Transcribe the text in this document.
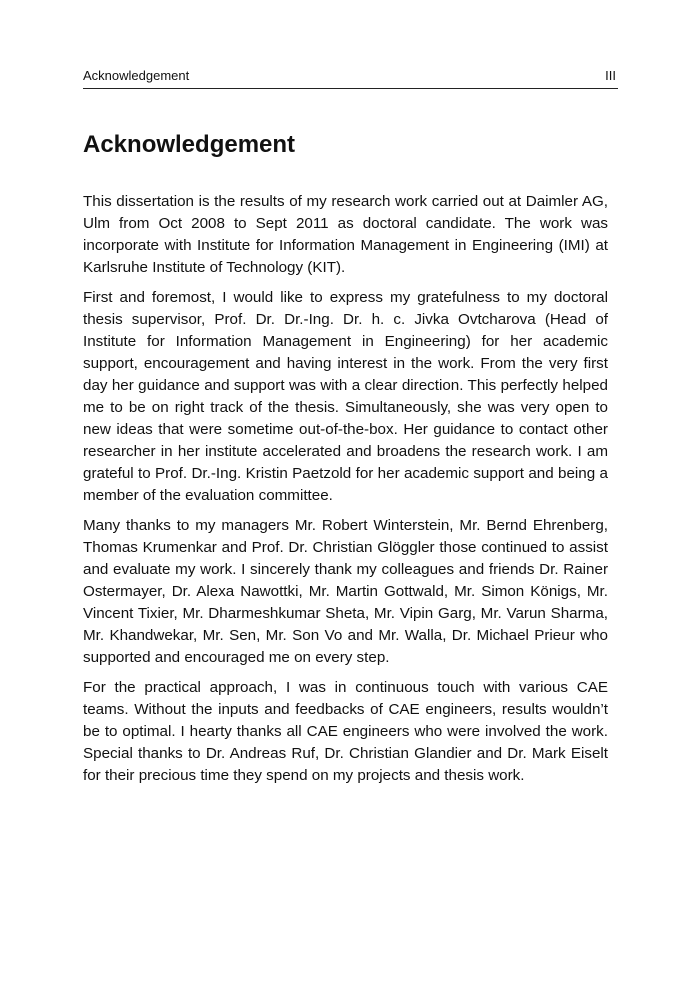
Acknowledgement	III
Acknowledgement

This dissertation is the results of my research work carried out at Daimler AG, Ulm from Oct 2008 to Sept 2011 as doctoral candidate. The work was incorporate with Institute for Information Management in Engineering (IMI) at Karlsruhe Institute of Technology (KIT).

First and foremost, I would like to express my gratefulness to my doctoral thesis supervisor, Prof. Dr. Dr.-Ing. Dr. h. c. Jivka Ovtcharova (Head of Institute for Information Management in Engineering) for her academic support, encouragement and having interest in the work. From the very first day her guidance and support was with a clear direction. This perfectly helped me to be on right track of the thesis. Simultaneously, she was very open to new ideas that were sometime out-of-the-box. Her guidance to contact other researcher in her institute accelerated and broadens the research work. I am grateful to Prof. Dr.-Ing. Kristin Paetzold for her academic support and being a member of the evaluation committee.

Many thanks to my managers Mr. Robert Winterstein, Mr. Bernd Ehrenberg, Thomas Krumenkar and Prof. Dr. Christian Glöggler those continued to assist and evaluate my work. I sincerely thank my colleagues and friends Dr. Rainer Ostermayer, Dr. Alexa Nawottki, Mr. Martin Gottwald, Mr. Simon Königs, Mr. Vincent Tixier, Mr. Dharmeshkumar Sheta, Mr. Vipin Garg, Mr. Varun Sharma, Mr. Khandwekar, Mr. Sen, Mr. Son Vo and Mr. Walla, Dr. Michael Prieur who supported and encouraged me on every step.

For the practical approach, I was in continuous touch with various CAE teams. Without the inputs and feedbacks of CAE engineers, results wouldn’t be to optimal. I hearty thanks all CAE engineers who were involved the work. Special thanks to Dr. Andreas Ruf, Dr. Christian Glandier and Dr. Mark Eiselt for their precious time they spend on my projects and thesis work.
